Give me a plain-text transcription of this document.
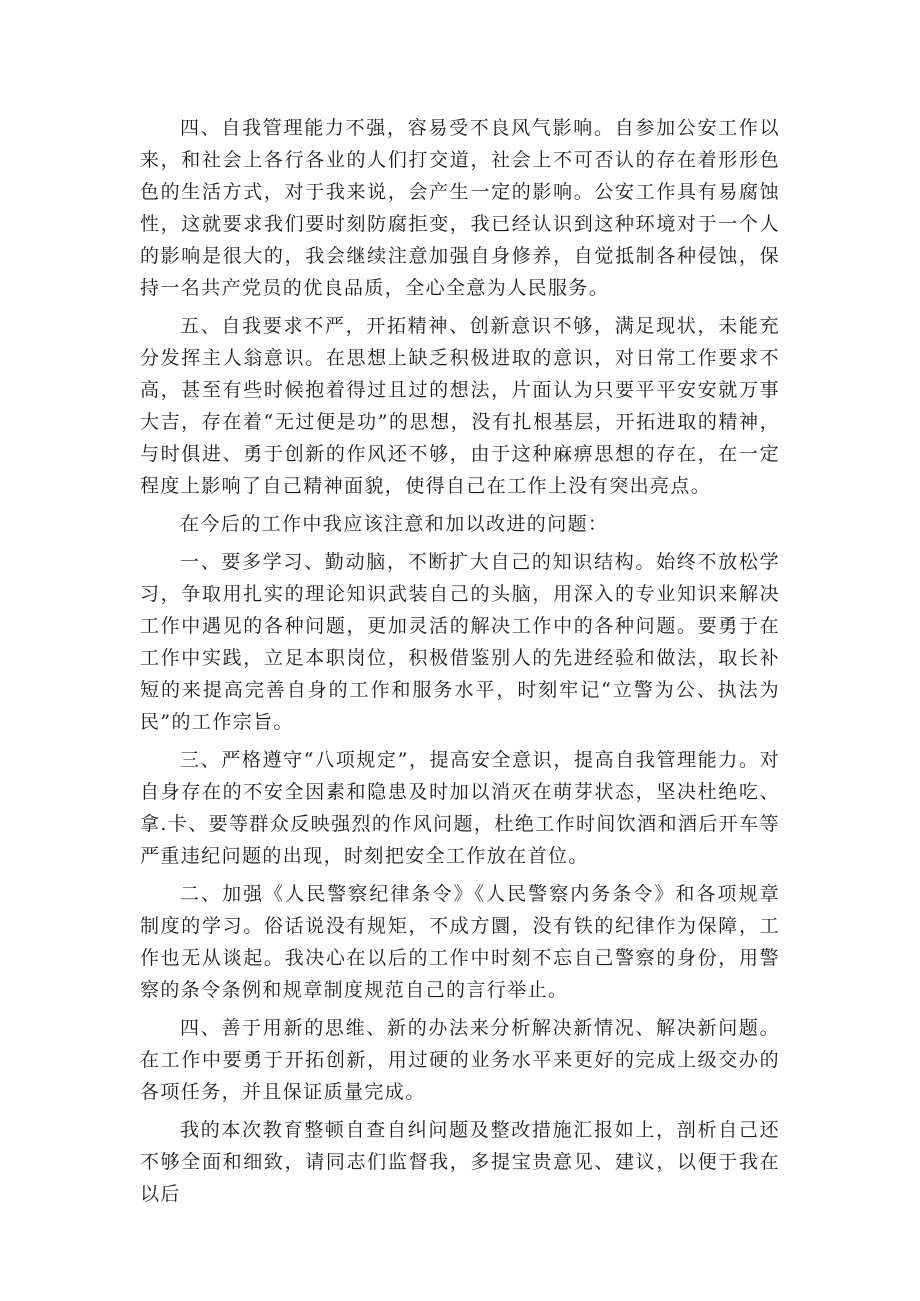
四、自我管理能力不强，容易受不良风气影响。自参加公安工作以来，和社会上各行各业的人们打交道，社会上不可否认的存在着形形色色的生活方式，对于我来说，会产生一定的影响。公安工作具有易腐蚀性，这就要求我们要时刻防腐拒变，我已经认识到这种环境对于一个人的影响是很大的，我会继续注意加强自身修养，自觉抵制各种侵蚀，保持一名共产党员的优良品质，全心全意为人民服务。

五、自我要求不严，开拓精神、创新意识不够，满足现状，未能充分发挥主人翁意识。在思想上缺乏积极进取的意识，对日常工作要求不高，甚至有些时候抱着得过且过的想法，片面认为只要平平安安就万事大吉，存在着“无过便是功”的思想，没有扎根基层，开拓进取的精神，与时俱进、勇于创新的作风还不够，由于这种麻痹思想的存在，在一定程度上影响了自己精神面貌，使得自己在工作上没有突出亮点。

在今后的工作中我应该注意和加以改进的问题：

一、要多学习、勤动脑，不断扩大自己的知识结构。始终不放松学习，争取用扎实的理论知识武装自己的头脑，用深入的专业知识来解决工作中遇见的各种问题，更加灵活的解决工作中的各种问题。要勇于在工作中实践，立足本职岗位，积极借鉴别人的先进经验和做法，取长补短的来提高完善自身的工作和服务水平，时刻牢记“立警为公、执法为民”的工作宗旨。

三、严格遵守“八项规定”，提高安全意识，提高自我管理能力。对自身存在的不安全因素和隐患及时加以消灭在萌芽状态，坚决杜绝吃、拿.卡、要等群众反映强烈的作风问题，杜绝工作时间饮酒和酒后开车等严重违纪问题的出现，时刻把安全工作放在首位。

二、加强《人民警察纪律条令》《人民警察内务条令》和各项规章制度的学习。俗话说没有规矩，不成方圜，没有铁的纪律作为保障，工作也无从谈起。我决心在以后的工作中时刻不忘自己警察的身份，用警察的条令条例和规章制度规范自己的言行举止。

四、善于用新的思维、新的办法来分析解决新情况、解决新问题。在工作中要勇于开拓创新，用过硬的业务水平来更好的完成上级交办的各项任务，并且保证质量完成。

我的本次教育整顿自查自纠问题及整改措施汇报如上，剖析自己还不够全面和细致，请同志们监督我，多提宝贵意见、建议，以便于我在以后
